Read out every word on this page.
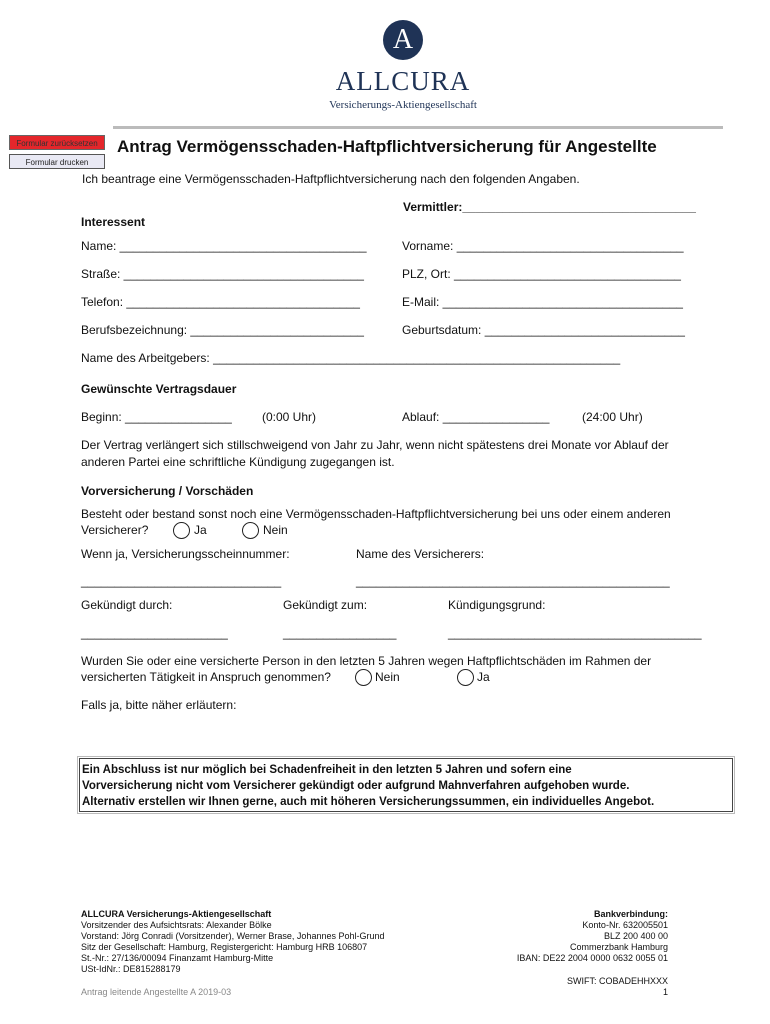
A
ALLCURA
Versicherungs-Aktiengesellschaft
Formular zurücksetzen
Formular drucken
Antrag Vermögensschaden-Haftpflichtversicherung für Angestellte
Ich beantrage eine Vermögensschaden-Haftpflichtversicherung nach den folgenden Angaben.
Vermittler:___________________________________
Interessent
Name: _____________________________________	Vorname: __________________________________
Straße: ____________________________________	PLZ, Ort: __________________________________
Telefon: ___________________________________	E-Mail: ____________________________________
Berufsbezeichnung: __________________________	Geburtsdatum: ______________________________
Name des Arbeitgebers: _____________________________________________________________
Gewünschte Vertragsdauer
Beginn: ________________	(0:00 Uhr)	Ablauf: ________________	(24:00 Uhr)
Der Vertrag verlängert sich stillschweigend von Jahr zu Jahr, wenn nicht spätestens drei Monate vor Ablauf der
anderen Partei eine schriftliche Kündigung zugegangen ist.
Vorversicherung / Vorschäden
Besteht oder bestand sonst noch eine Vermögensschaden-Haftpflichtversicherung bei uns oder einem anderen
Versicherer?	Ja	Nein
Wenn ja, Versicherungsscheinnummer:	Name des Versicherers:
______________________________	_______________________________________________
Gekündigt durch:	Gekündigt zum:	Kündigungsgrund:
______________________	_________________	______________________________________
Wurden Sie oder eine versicherte Person in den letzten 5 Jahren wegen Haftpflichtschäden im Rahmen der
versicherten Tätigkeit in Anspruch genommen?	Nein	Ja
Falls ja, bitte näher erläutern:
Ein Abschluss ist nur möglich bei Schadenfreiheit in den letzten 5 Jahren und sofern eine
Vorversicherung nicht vom Versicherer gekündigt oder aufgrund Mahnverfahren aufgehoben wurde.
Alternativ erstellen wir Ihnen gerne, auch mit höheren Versicherungssummen, ein individuelles Angebot.
ALLCURA Versicherungs-Aktiengesellschaft
Vorsitzender des Aufsichtsrats: Alexander Bölke
Vorstand: Jörg Conradi (Vorsitzender), Werner Brase, Johannes Pohl-Grund
Sitz der Gesellschaft: Hamburg, Registergericht: Hamburg HRB 106807
St.-Nr.: 27/136/00094 Finanzamt Hamburg-Mitte
USt-IdNr.: DE815288179
Antrag leitende Angestellte A 2019-03
Bankverbindung:
Konto-Nr. 632005501
BLZ 200 400 00
Commerzbank Hamburg
IBAN: DE22 2004 0000 0632 0055 01
SWIFT: COBADEHHXXX
1
